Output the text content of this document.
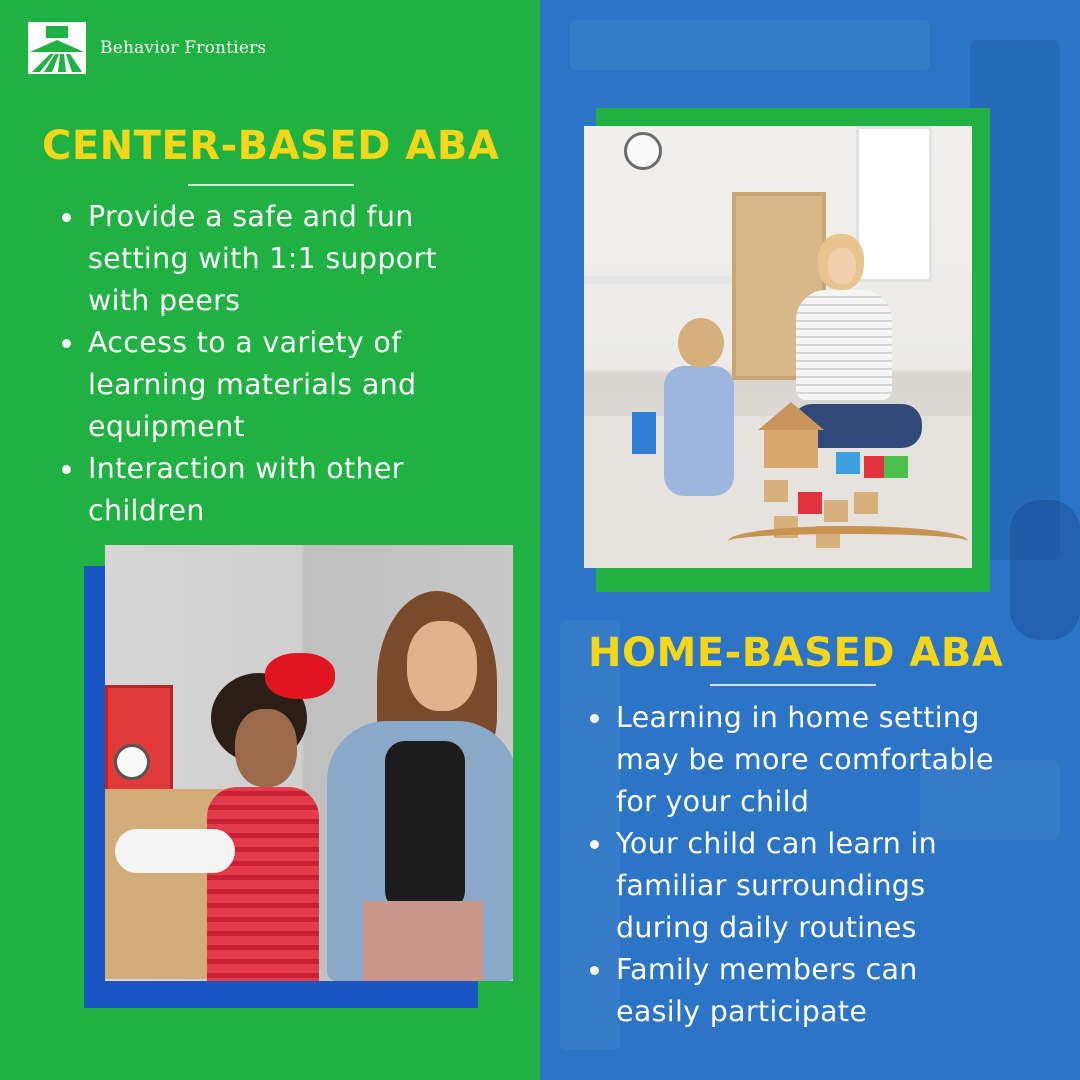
Behavior Frontiers
CENTER-BASED ABA
Provide a safe and fun
setting with 1:1 support
with peers
Access to a variety of
learning materials and
equipment
Interaction with other
children
HOME-BASED ABA
Learning in home setting
may be more comfortable
for your child
Your child can learn in
familiar surroundings
during daily routines
Family members can
easily participate
